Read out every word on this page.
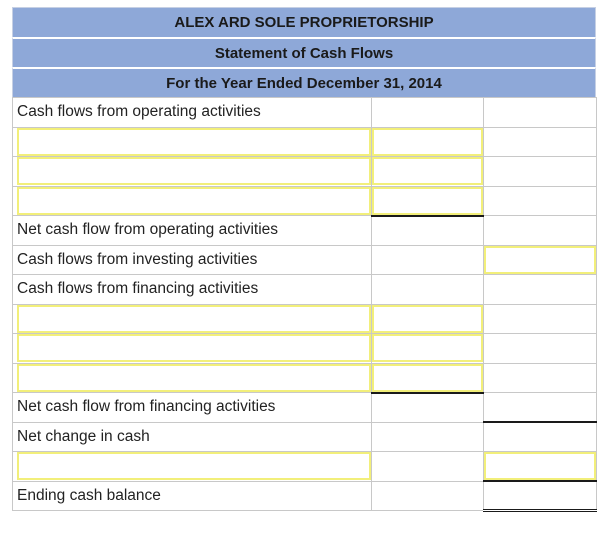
ALEX ARD SOLE PROPRIETORSHIP
Statement of Cash Flows
For the Year Ended December 31, 2014
Cash flows from operating activities		

Net cash flow from operating activities		
Cash flows from investing activities		

Cash flows from financing activities		

Net cash flow from financing activities		
Net change in cash		

Ending cash balance		
